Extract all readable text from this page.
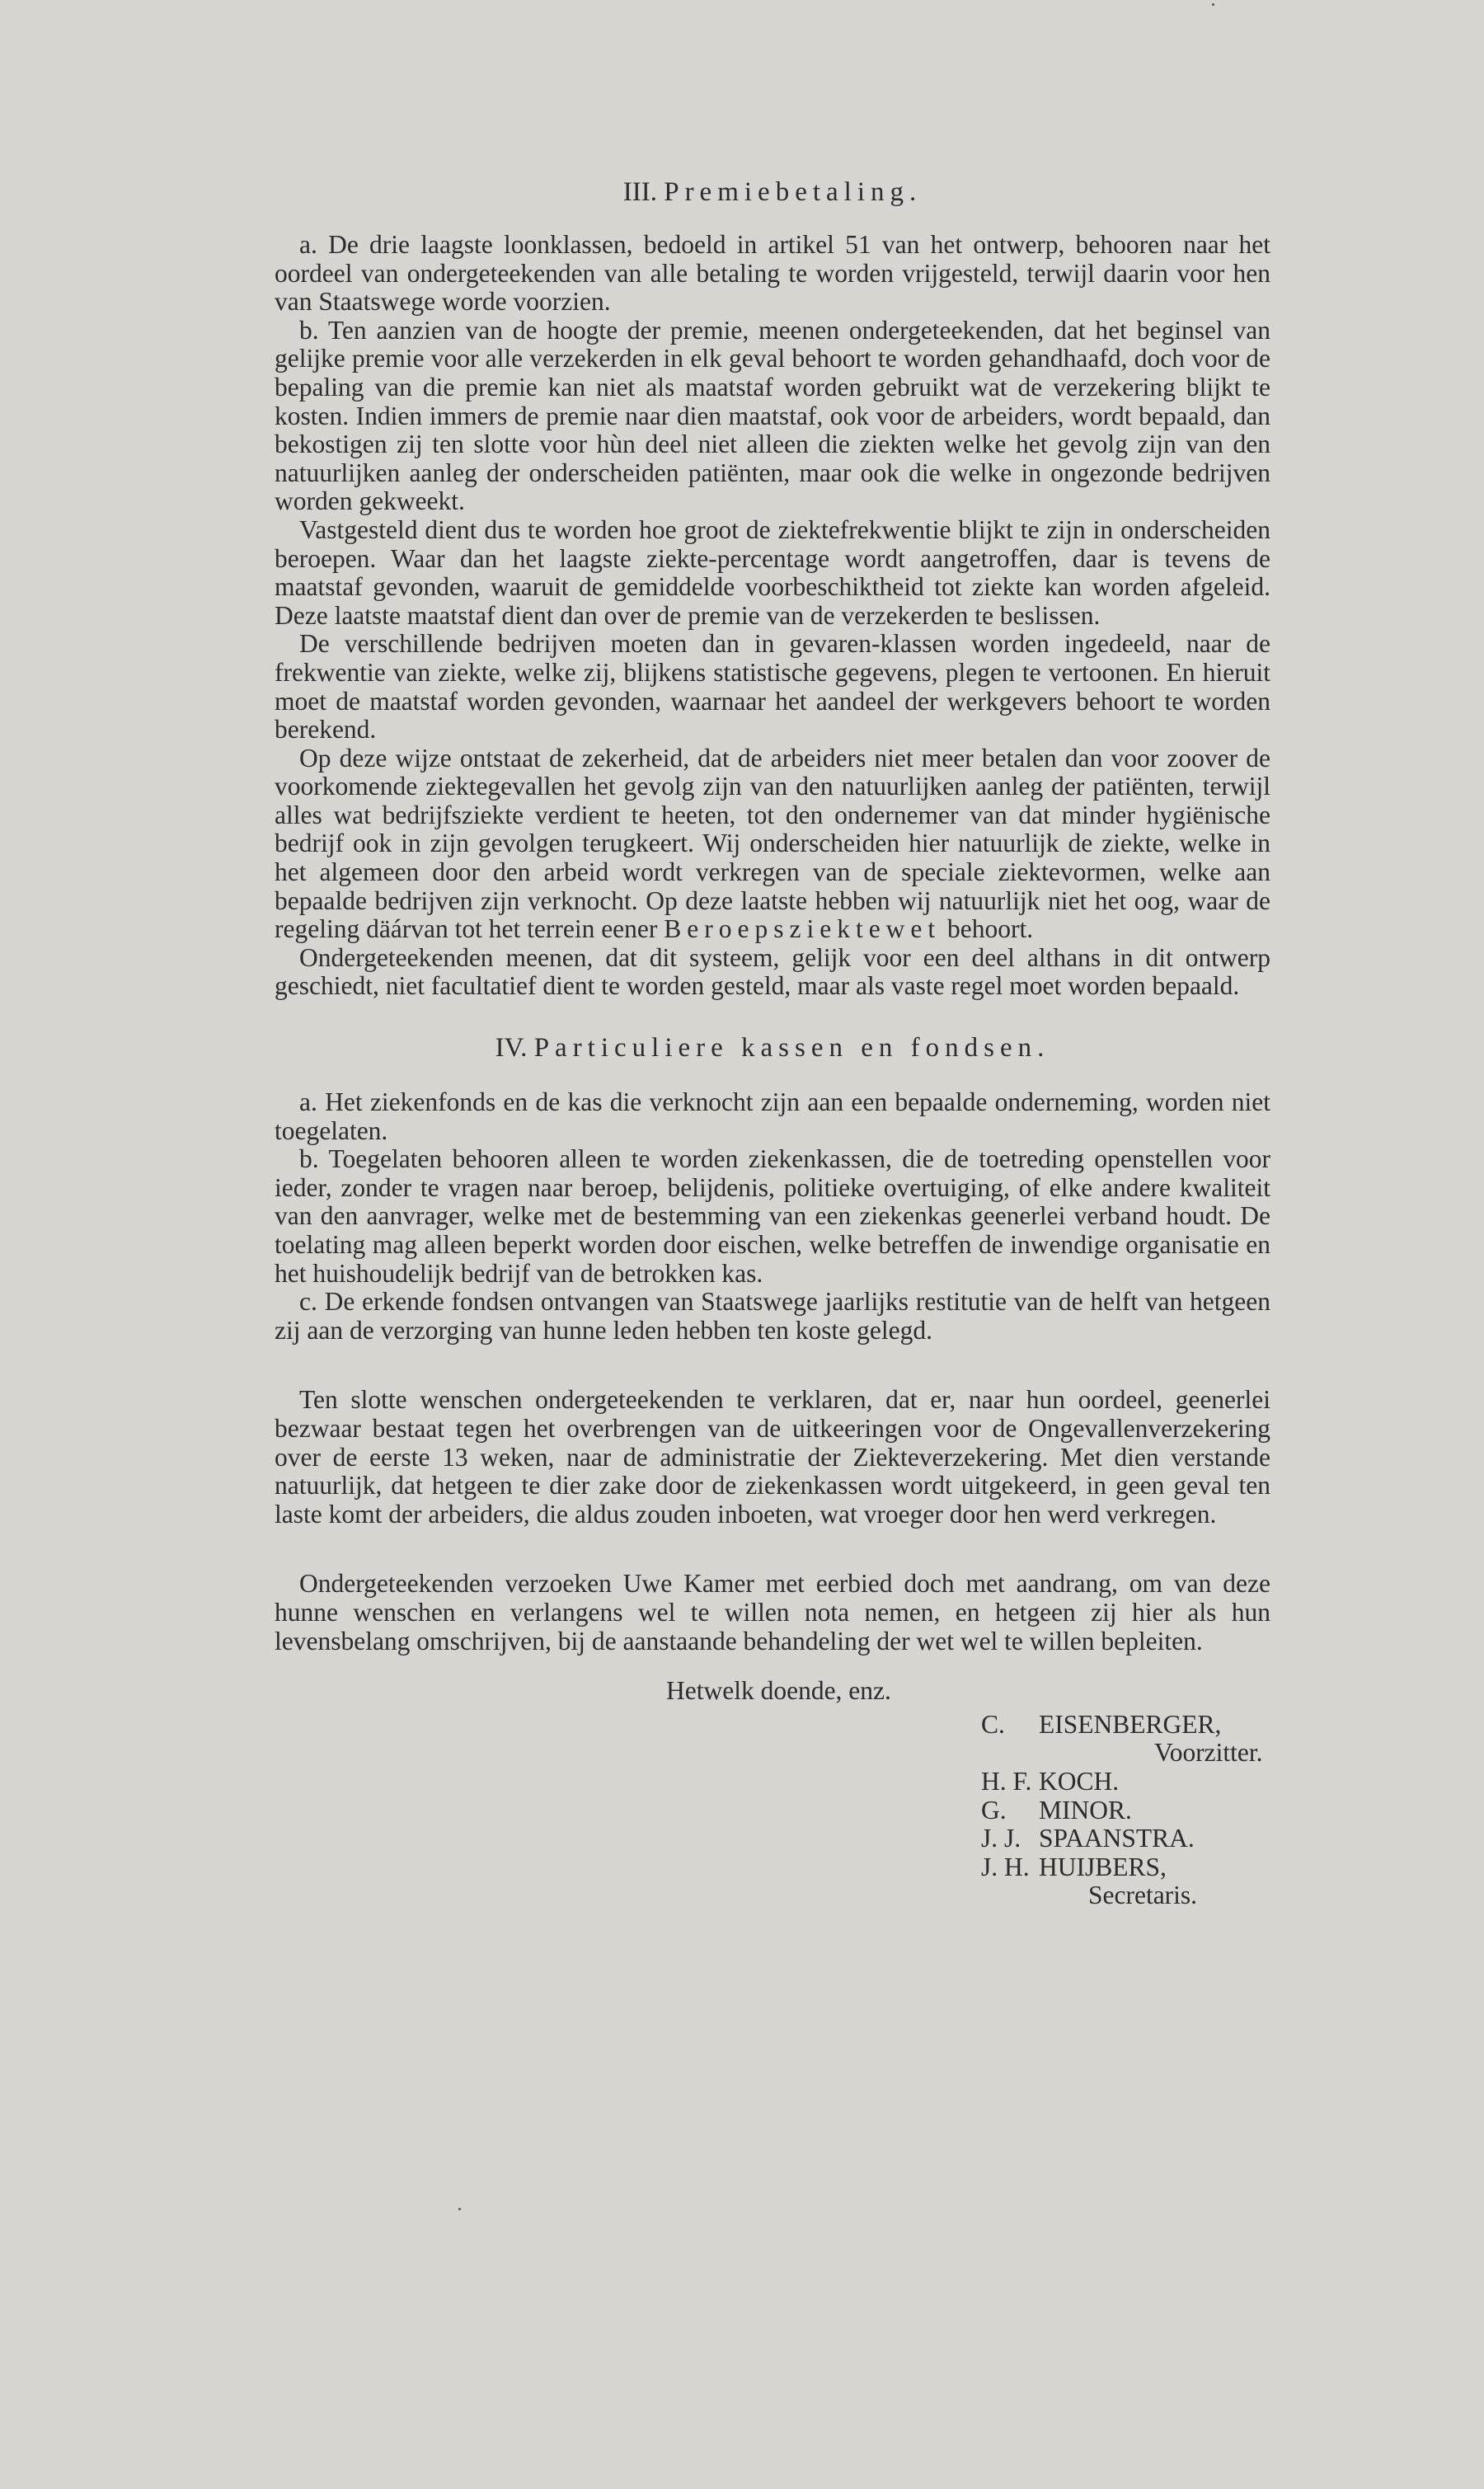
III. Premiebetaling.

a. De drie laagste loonklassen, bedoeld in artikel 51 van het ontwerp, behooren naar het oordeel van ondergeteekenden van alle betaling te worden vrijgesteld, terwijl daarin voor hen van Staatswege worde voorzien.

b. Ten aanzien van de hoogte der premie, meenen ondergeteekenden, dat het beginsel van gelijke premie voor alle verzekerden in elk geval behoort te worden gehandhaafd, doch voor de bepaling van die premie kan niet als maatstaf worden gebruikt wat de verzekering blijkt te kosten. Indien immers de premie naar dien maatstaf, ook voor de arbeiders, wordt bepaald, dan bekostigen zij ten slotte voor hùn deel niet alleen die ziekten welke het gevolg zijn van den natuurlijken aanleg der onderscheiden patiënten, maar ook die welke in ongezonde bedrijven worden gekweekt.

Vastgesteld dient dus te worden hoe groot de ziektefrekwentie blijkt te zijn in onderscheiden beroepen. Waar dan het laagste ziekte-percentage wordt aangetroffen, daar is tevens de maatstaf gevonden, waaruit de gemiddelde voorbeschiktheid tot ziekte kan worden afgeleid. Deze laatste maatstaf dient dan over de premie van de verzekerden te beslissen.

De verschillende bedrijven moeten dan in gevaren-klassen worden ingedeeld, naar de frekwentie van ziekte, welke zij, blijkens statistische gegevens, plegen te vertoonen. En hieruit moet de maatstaf worden gevonden, waarnaar het aandeel der werkgevers behoort te worden berekend.

Op deze wijze ontstaat de zekerheid, dat de arbeiders niet meer betalen dan voor zoover de voorkomende ziektegevallen het gevolg zijn van den natuurlijken aanleg der patiënten, terwijl alles wat bedrijfsziekte verdient te heeten, tot den ondernemer van dat minder hygiënische bedrijf ook in zijn gevolgen terugkeert. Wij onderscheiden hier natuurlijk de ziekte, welke in het algemeen door den arbeid wordt verkregen van de speciale ziektevormen, welke aan bepaalde bedrijven zijn verknocht. Op deze laatste hebben wij natuurlijk niet het oog, waar de regeling däárvan tot het terrein eener Beroepsziektewet behoort.

Ondergeteekenden meenen, dat dit systeem, gelijk voor een deel althans in dit ontwerp geschiedt, niet facultatief dient te worden gesteld, maar als vaste regel moet worden bepaald.

IV. Particuliere kassen en fondsen.

a. Het ziekenfonds en de kas die verknocht zijn aan een bepaalde onderneming, worden niet toegelaten.

b. Toegelaten behooren alleen te worden ziekenkassen, die de toetreding openstellen voor ieder, zonder te vragen naar beroep, belijdenis, politieke overtuiging, of elke andere kwaliteit van den aanvrager, welke met de bestemming van een ziekenkas geenerlei verband houdt. De toelating mag alleen beperkt worden door eischen, welke betreffen de inwendige organisatie en het huishoudelijk bedrijf van de betrokken kas.

c. De erkende fondsen ontvangen van Staatswege jaarlijks restitutie van de helft van hetgeen zij aan de verzorging van hunne leden hebben ten koste gelegd.

Ten slotte wenschen ondergeteekenden te verklaren, dat er, naar hun oordeel, geenerlei bezwaar bestaat tegen het overbrengen van de uitkeeringen voor de Ongevallenverzekering over de eerste 13 weken, naar de administratie der Ziekteverzekering. Met dien verstande natuurlijk, dat hetgeen te dier zake door de ziekenkassen wordt uitgekeerd, in geen geval ten laste komt der arbeiders, die aldus zouden inboeten, wat vroeger door hen werd verkregen.

Ondergeteekenden verzoeken Uwe Kamer met eerbied doch met aandrang, om van deze hunne wenschen en verlangens wel te willen nota nemen, en hetgeen zij hier als hun levensbelang omschrijven, bij de aanstaande behandeling der wet wel te willen bepleiten.

Hetwelk doende, enz.
C. EISENBERGER,
Voorzitter.
H. F. KOCH.
G. MINOR.
J. J. SPAANSTRA.
J. H. HUIJBERS,
Secretaris.
